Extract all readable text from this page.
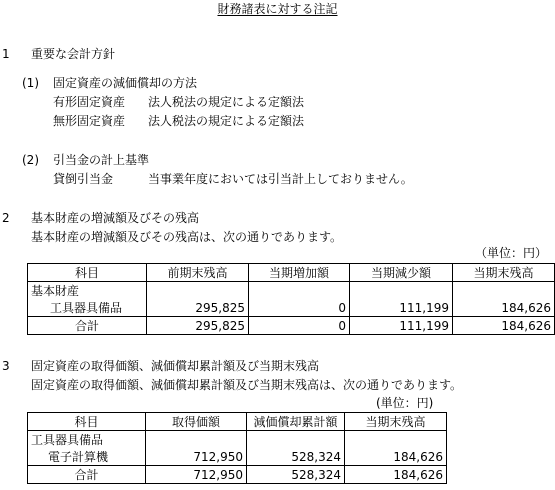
財務諸表に対する注記
1 重要な会計方針
(1) 固定資産の減価償却の方法
有形固定資産 法人税法の規定による定額法
無形固定資産 法人税法の規定による定額法
(2) 引当金の計上基準
貸倒引当金	当事業年度においては引当計上しておりません。
2 基本財産の増減額及びその残高
基本財産の増減額及びその残高は、次の通りであります。
（単位：円）
科目	前期末残高	当期増加額	当期減少額	当期末残高
基本財産				
工具器具備品	295,825	0	111,199	184,626
合計	295,825	0	111,199	184,626
3 固定資産の取得価額、減価償却累計額及び当期末残高
固定資産の取得価額、減価償却累計額及び当期末残高は、次の通りであります。
(単位：円)
科目	取得価額	減価償却累計額	当期末残高
工具器具備品			
電子計算機	712,950	528,324	184,626
合計	712,950	528,324	184,626
